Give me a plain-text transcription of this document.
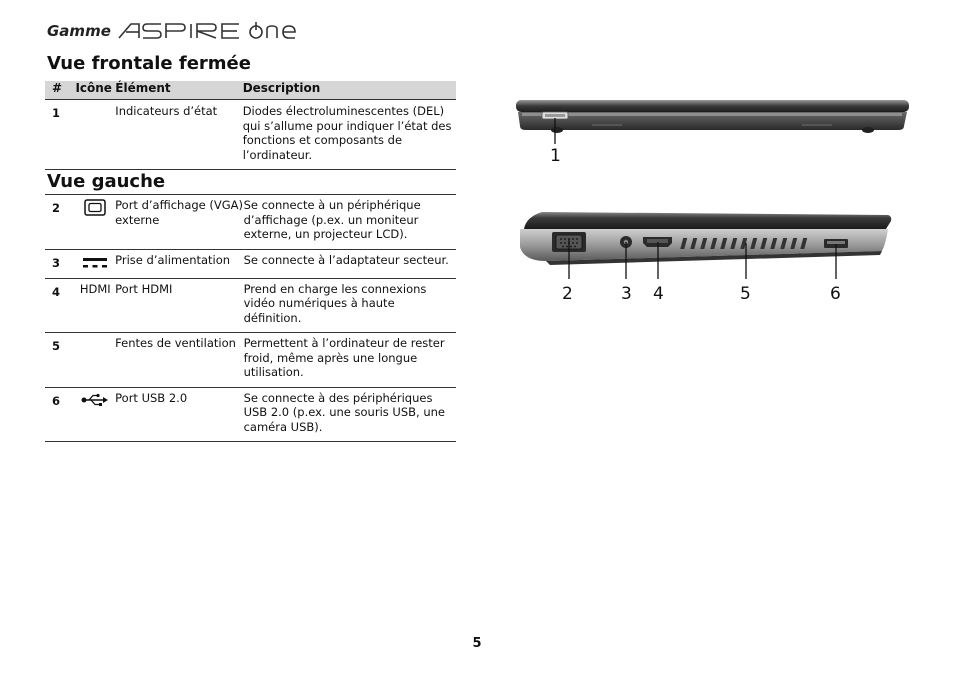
Gamme
Vue frontale fermée
#	Icône	Élément	Description
1		Indicateurs d’état	Diodes électroluminescentes (DEL) qui s’allume pour indiquer l’état des fonctions et composants de l’ordinateur.
Vue gauche
2		Port d’affichage (VGA) externe	Se connecte à un périphérique d’affichage (p.ex. un moniteur externe, un projecteur LCD).
3		Prise d’alimentation	Se connecte à l’adaptateur secteur.
4	HDMI	Port HDMI	Prend en charge les connexions vidéo numériques à haute définition.
5		Fentes de ventilation	Permettent à l’ordinateur de rester froid, même après une longue utilisation.
6		Port USB 2.0	Se connecte à des périphériques USB 2.0 (p.ex. une souris USB, une caméra USB).
1
2	3 4	5	6
5
